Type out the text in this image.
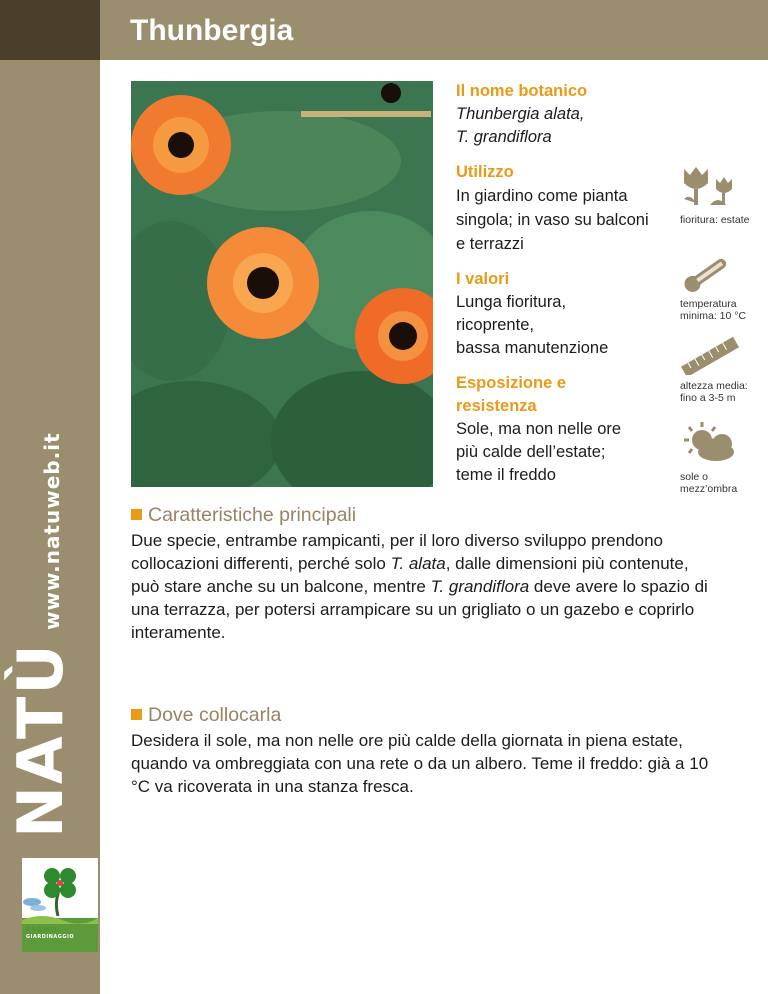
www.natuweb.it
NATÙ
PROMO
GIARDINAGGIO
Thunbergia
Il nome botanico
Thunbergia alata,
T. grandiflora
Utilizzo
In giardino come pianta singola; in vaso su balconi e terrazzi
I valori
Lunga fioritura,
ricoprente,
bassa manutenzione
Esposizione e
resistenza
Sole, ma non nelle ore più calde dell’estate; teme il freddo
fioritura: estate
temperatura
minima: 10 °C
altezza media:
fino a 3-5 m
sole o
mezz’ombra
Caratteristiche principali

Due specie, entrambe rampicanti, per il loro diverso sviluppo prendono collocazioni differenti, perché solo T. alata, dalle dimensioni più contenute, può stare anche su un balcone, mentre T. grandiflora deve avere lo spazio di una terrazza, per potersi arrampicare su un grigliato o un gazebo e coprirlo interamente.

Dove collocarla

Desidera il sole, ma non nelle ore più calde della giornata in piena estate, quando va ombreggiata con una rete o da un albero. Teme il freddo: già a 10 °C va ricoverata in una stanza fresca.
